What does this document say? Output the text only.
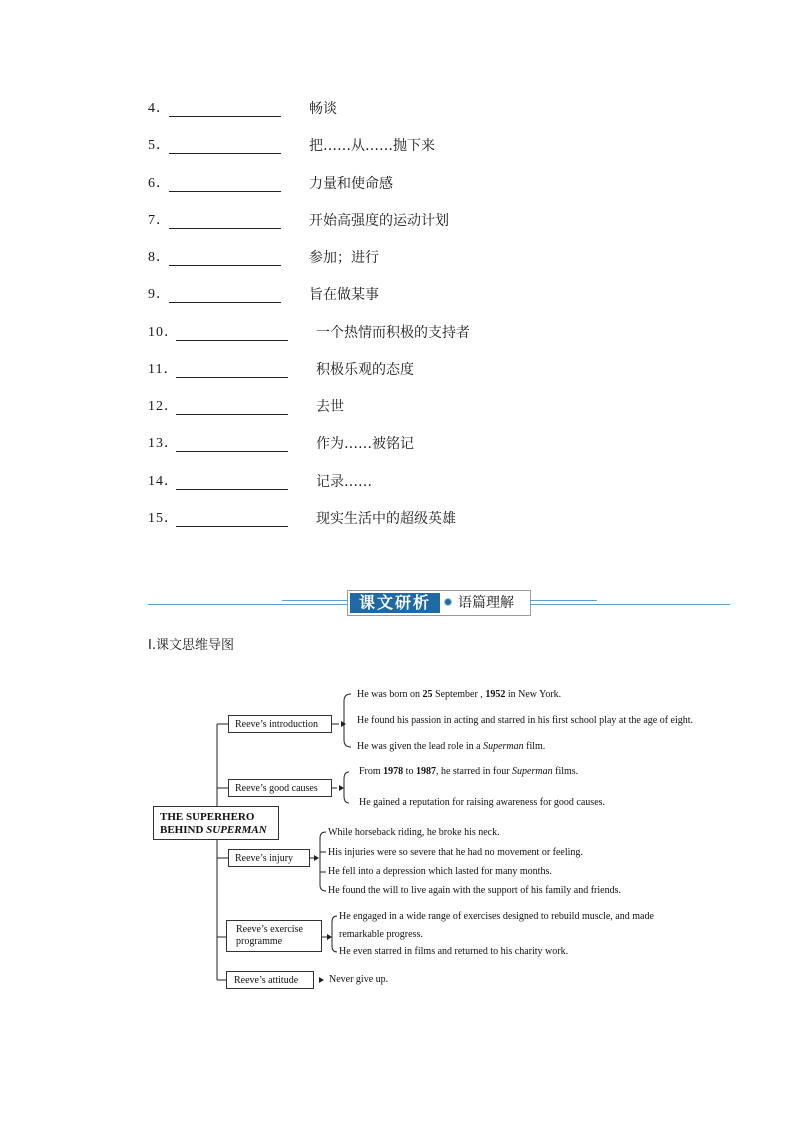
4．	畅谈
5．	把……从……抛下来
6．	力量和使命感
7．	开始高强度的运动计划
8．	参加；进行
9．	旨在做某事
10．	一个热情而积极的支持者
11．	积极乐观的态度
12．	去世
13．	作为……被铭记
14．	记录……
15．	现实生活中的超级英雄
课文研析	语篇理解
Ⅰ.课文思维导图
THE SUPERHERO
BEHIND SUPERMAN
Reeve’s introduction
Reeve’s good causes
Reeve’s injury
Reeve’s exercise
programme
Reeve’s attitude
He was born on 25 September , 1952 in New York.
He found his passion in acting and starred in his first school play at the age of eight.
He was given the lead role in a Superman film.
From 1978 to 1987, he starred in four Superman films.
He gained a reputation for raising awareness for good causes.
While horseback riding, he broke his neck.
His injuries were so severe that he had no movement or feeling.
He fell into a depression which lasted for many months.
He found the will to live again with the support of his family and friends.
He engaged in a wide range of exercises designed to rebuild muscle, and made
remarkable progress.
He even starred in films and returned to his charity work.
Never give up.
